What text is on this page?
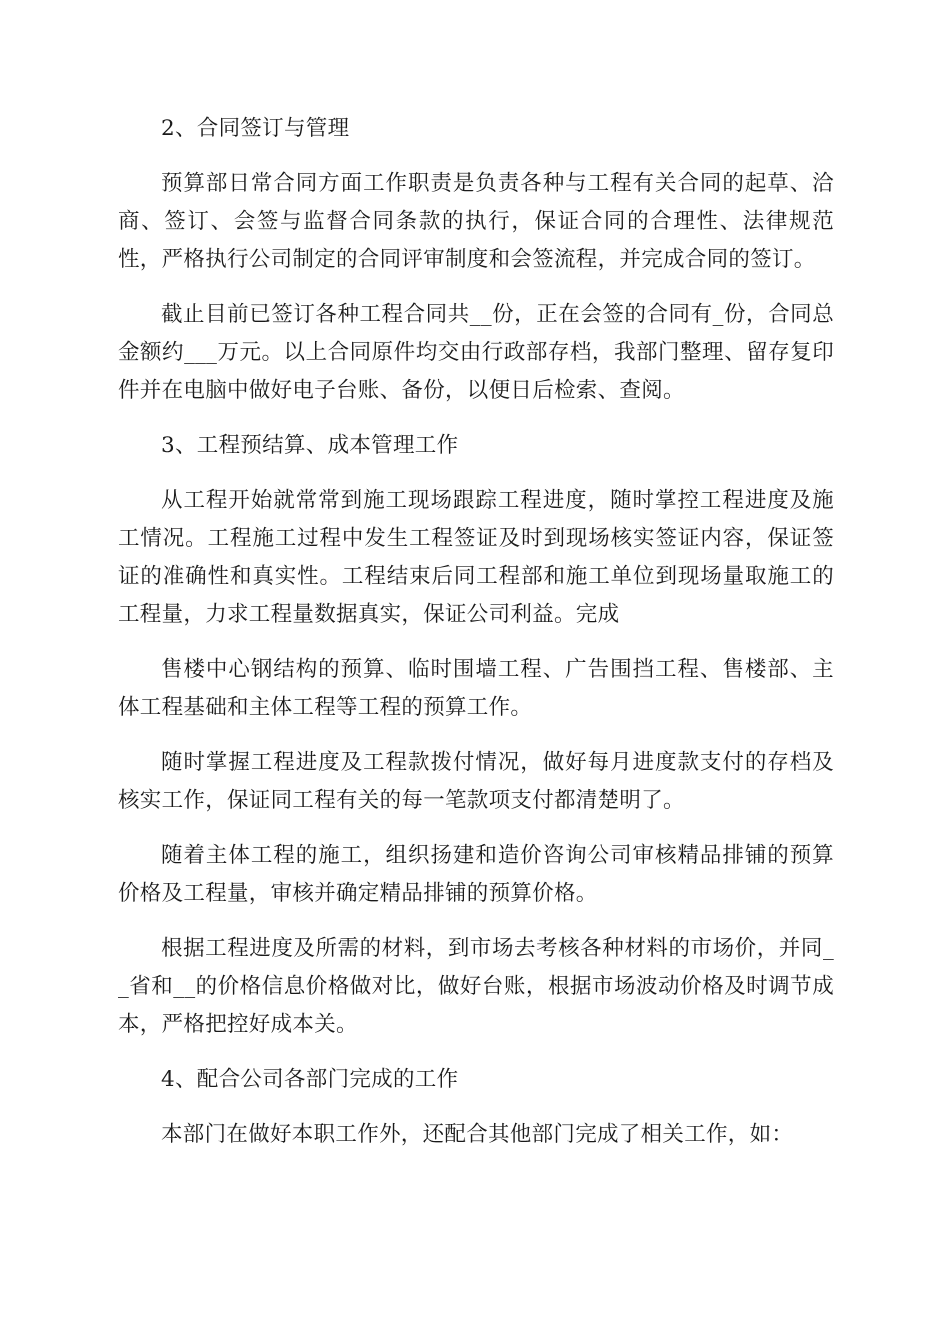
2、合同签订与管理

预算部日常合同方面工作职责是负责各种与工程有关合同的起草、洽商、签订、会签与监督合同条款的执行，保证合同的合理性、法律规范性，严格执行公司制定的合同评审制度和会签流程，并完成合同的签订。

截止目前已签订各种工程合同共__份，正在会签的合同有_份，合同总金额约___万元。以上合同原件均交由行政部存档，我部门整理、留存复印件并在电脑中做好电子台账、备份，以便日后检索、查阅。

3、工程预结算、成本管理工作

从工程开始就常常到施工现场跟踪工程进度，随时掌控工程进度及施工情况。工程施工过程中发生工程签证及时到现场核实签证内容，保证签证的准确性和真实性。工程结束后同工程部和施工单位到现场量取施工的工程量，力求工程量数据真实，保证公司利益。完成

售楼中心钢结构的预算、临时围墙工程、广告围挡工程、售楼部、主体工程基础和主体工程等工程的预算工作。

随时掌握工程进度及工程款拨付情况，做好每月进度款支付的存档及核实工作，保证同工程有关的每一笔款项支付都清楚明了。

随着主体工程的施工，组织扬建和造价咨询公司审核精品排铺的预算价格及工程量，审核并确定精品排铺的预算价格。

根据工程进度及所需的材料，到市场去考核各种材料的市场价，并同__省和__的价格信息价格做对比，做好台账，根据市场波动价格及时调节成本，严格把控好成本关。

4、配合公司各部门完成的工作

本部门在做好本职工作外，还配合其他部门完成了相关工作，如：
